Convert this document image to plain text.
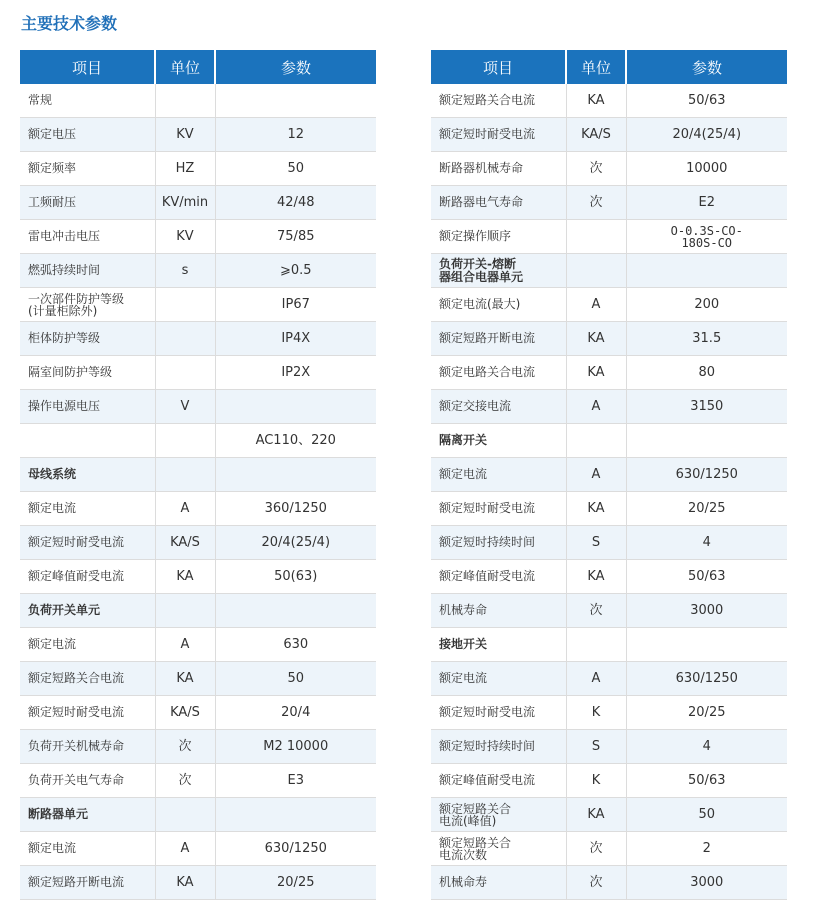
主要技术参数
项目	单位	参数
常规		
额定电压	KV	12
额定频率	HZ	50
工频耐压	KV/min	42/48
雷电冲击电压	KV	75/85
燃弧持续时间	s	⩾0.5
一次部件防护等级
(计量柜除外)		IP67
柜体防护等级		IP4X
隔室间防护等级		IP2X
操作电源电压	V	
		AC110、220
母线系统		
额定电流	A	360/1250
额定短时耐受电流	KA/S	20/4(25/4)
额定峰值耐受电流	KA	50(63)
负荷开关单元		
额定电流	A	630
额定短路关合电流	KA	50
额定短时耐受电流	KA/S	20/4
负荷开关机械寿命	次	M2 10000
负荷开关电气寿命	次	E3
断路器单元		
额定电流	A	630/1250
额定短路开断电流	KA	20/25
项目	单位	参数
额定短路关合电流	KA	50/63
额定短时耐受电流	KA/S	20/4(25/4)
断路器机械寿命	次	10000
断路器电气寿命	次	E2
额定操作顺序		O-0.3S-CO-
180S-CO
负荷开关-熔断
器组合电器单元		
额定电流(最大)	A	200
额定短路开断电流	KA	31.5
额定电路关合电流	KA	80
额定交接电流	A	3150
隔离开关		
额定电流	A	630/1250
额定短时耐受电流	KA	20/25
额定短时持续时间	S	4
额定峰值耐受电流	KA	50/63
机械寿命	次	3000
接地开关		
额定电流	A	630/1250
额定短时耐受电流	K	20/25
额定短时持续时间	S	4
额定峰值耐受电流	K	50/63
额定短路关合
电流(峰值)	KA	50
额定短路关合
电流次数	次	2
机械命寿	次	3000
